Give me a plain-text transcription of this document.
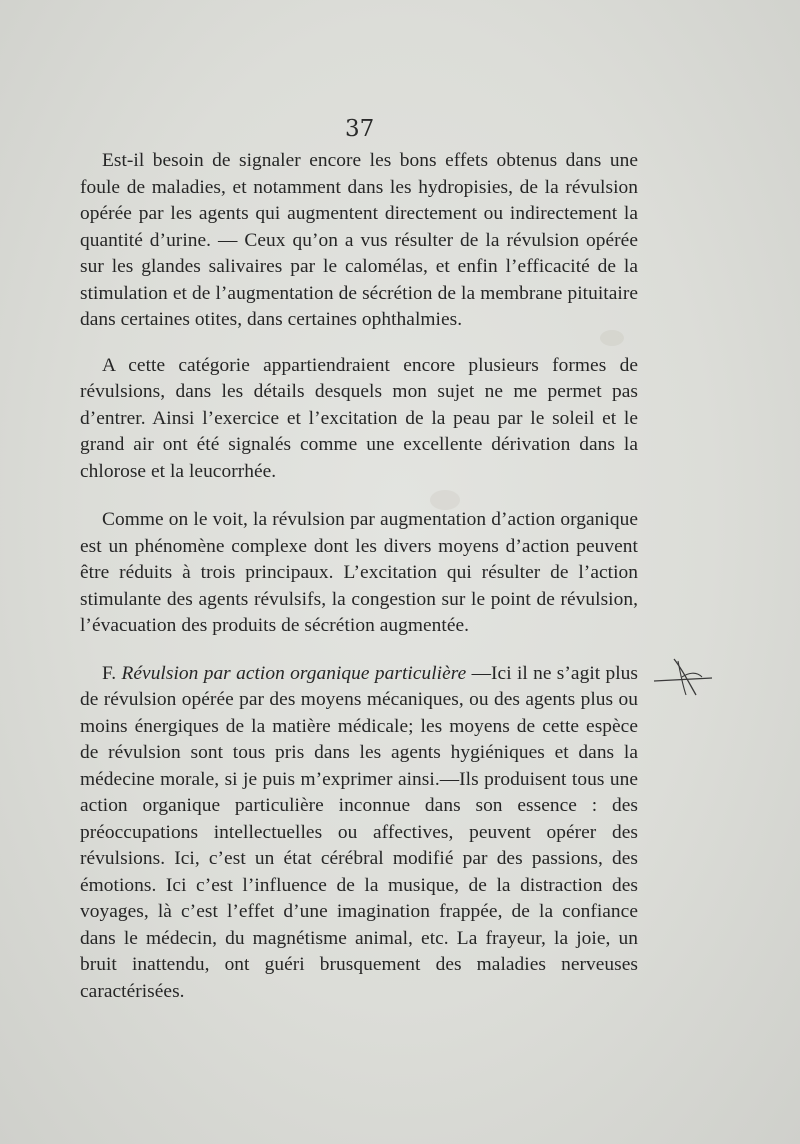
37

Est-il besoin de signaler encore les bons effets obtenus dans une foule de maladies, et notamment dans les hydropisies, de la révulsion opérée par les agents qui augmentent directement ou indirectement la quantité d’urine. — Ceux qu’on a vus résulter de la révulsion opérée sur les glandes salivaires par le calomélas, et enfin l’efficacité de la stimulation et de l’augmentation de sécrétion de la membrane pituitaire dans certaines otites, dans certaines ophthalmies.

A cette catégorie appartiendraient encore plusieurs formes de révulsions, dans les détails desquels mon sujet ne me permet pas d’entrer. Ainsi l’exercice et l’excitation de la peau par le soleil et le grand air ont été signalés comme une excellente dérivation dans la chlorose et la leucorrhée.

Comme on le voit, la révulsion par augmentation d’action organique est un phénomène complexe dont les divers moyens d’action peuvent être réduits à trois principaux. L’excitation qui résulter de l’action stimulante des agents révulsifs, la congestion sur le point de révulsion, l’évacuation des produits de sécrétion augmentée.

F. Révulsion par action organique particulière —Ici il ne s’agit plus de révulsion opérée par des moyens mécaniques, ou des agents plus ou moins énergiques de la matière médicale; les moyens de cette espèce de révulsion sont tous pris dans les agents hygiéniques et dans la médecine morale, si je puis m’exprimer ainsi.—Ils produisent tous une action organique particulière inconnue dans son essence : des préoccupations intellectuelles ou affectives, peuvent opérer des révulsions. Ici, c’est un état cérébral modifié par des passions, des émotions. Ici c’est l’influence de la musique, de la distraction des voyages, là c’est l’effet d’une imagination frappée, de la confiance dans le médecin, du magnétisme animal, etc. La frayeur, la joie, un bruit inattendu, ont guéri brusquement des maladies nerveuses caractérisées.
